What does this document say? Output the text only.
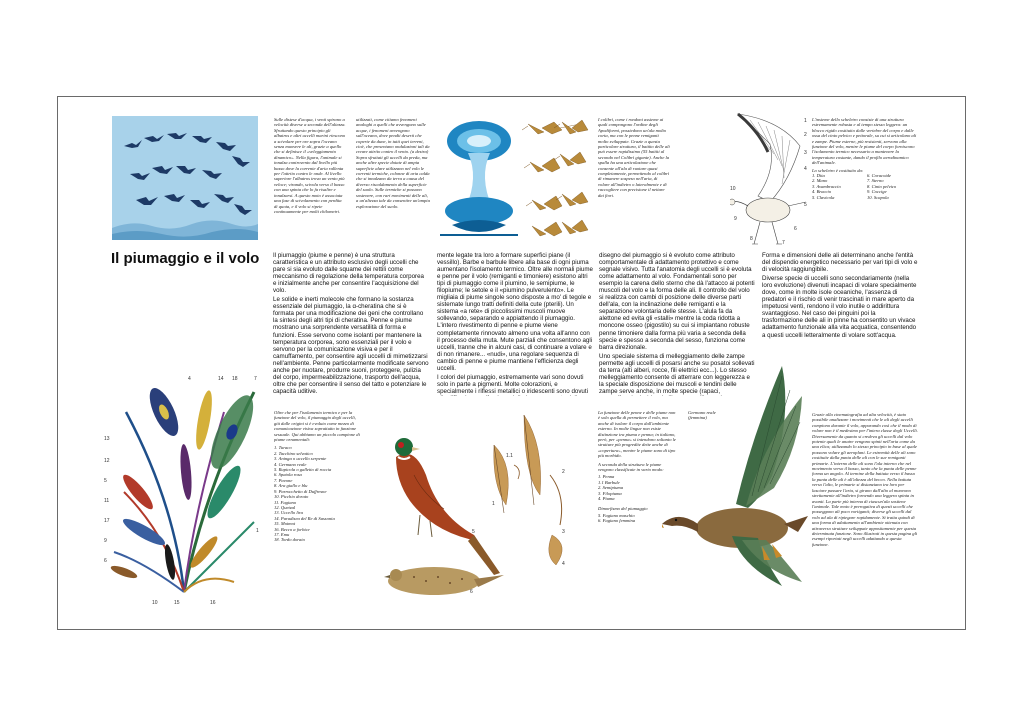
Sulle distese d'acqua, i venti spirano a velocità diverse a seconda dell'altezza. Sfruttando questo principio gli albatros e altri uccelli marini riescono a scivolare per ore sopra l'oceano senza muovere le ali, grazie a quello che si definisce il «veleggiamento dinamico». Nella figura, l'animale si innalza controvento dal livello più basso dove la corrente d'aria rallenta per l'attrito contro le onde. Al livello superiore l'albatros trova un vento più veloce; virando, scivola verso il basso con una spinta che lo fa risalire e innalzarsi. A questo moto è associata una fase di scivolamento con perdita di quota, e il volo si ripete continuamente per molti chilometri.
utilizzati, come citiamo fenomeni analoghi a quelli che avvengono sulle acque, i fenomeni avvengono sull'oceano, dove pendii deserti che coperte da dune, in tutti quei terreni, cioè, che presentano ondulazioni tali da creare attrito contro il vento. (a destra) Sopra sfruttati gli uccelli da preda, ma anche altre specie dotate di ampia superficie alare utilizzano nel volo le correnti termiche, colonne di aria calda che si innalzano da terra a causa del diverso riscaldamento della superficie del suolo. Sulle termiche si possono sostenere, con rari movimenti delle ali, a un'altezza tale da consentire un'ampia esplorazione del suolo.
I colibrì, come i rondoni assieme ai quali compongono l'ordine degli Apodiformi, possiedono un'ala molto corta, ma con le penne remiganti molto sviluppate. Grazie a questa particolare struttura, il battito delle ali può essere rapidissimo (55 battiti al secondo nel Colibrì gigante). Anche la spalla ha una articolazione che consente all'ala di ruotare quasi completamente, permettendo al colibrì di rimanere sospeso nell'aria, di volare all'indietro o lateralmente e di raccogliere con precisione il nettare dai fiori.
1
2
3
4
5
6
7
8
9
10
L'insieme dello scheletro consiste di una struttura estremamente robusta e al tempo stesso leggera: un blocco rigido costituito dalle vertebre del corpo e dalle ossa del cinto pelvico e pettorale, su cui si articolano ali e zampe. Piume esterne, più resistenti, servono alla funzione del volo, mentre le piume del corpo forniscono l'isolamento termico necessario a mantenere la temperatura costante, dando il profilo aerodinamico dell'animale.
Lo scheletro è costituito da:
1. Dita	6. Coracoide
2. Mano	7. Sterno
3. Avambraccio	8. Cinto pelvico
4. Braccio	9. Coccige
5. Clavicola	10. Scapola
Il piumaggio e il volo Il piumaggio (piume e penne) è una struttura caratteristica e un attributo esclusivo degli uccelli che pare si sia evoluto dalle squame dei rettili come meccanismo di regolazione della temperatura corporea e inizialmente anche per consentire l'acquisizione del volo.

Le solide e inerti molecole che formano la sostanza essenziale del piumaggio, la α-cheratina che si è formata per una modificazione dei geni che controllano la sintesi degli altri tipi di cheratina. Penne e piume mostrano una sorprendente versatilità di forma e funzioni. Esse servono come isolanti per mantenere la temperatura corporea, sono essenziali per il volo e servono per la comunicazione visiva e per il camuffamento, per consentire agli uccelli di mimetizzarsi nell'ambiente. Penne particolarmente modificate servono anche per nuotare, produrre suoni, proteggere, pulizia del corpo, impermeabilizzazione, trasporto dell'acqua, oltre che per consentire il senso del tatto e potenziare le capacità uditive.

mente legate tra loro a formare superfici piane (il vessillo). Barbe e barbule libere alla base di ogni piuma aumentano l'isolamento termico. Oltre alle normali piume e penne per il volo (remiganti e timoniere) esistono altri tipi di piumaggio come il piumino, le semipiume, le filopiume; le setole e il «piumino pulverulento». Le migliaia di piume singole sono disposte a mo' di tegole e sistemate lungo tratti definiti della cute (pterili). Un sistema «a rete» di piccolissimi muscoli muove sollevando, separando e appiattendo il piumaggio. L'intero rivestimento di penne e piume viene completamente rinnovato almeno una volta all'anno con il processo della muta. Mute parziali che consentono agli uccelli, tranne che in alcuni casi, di continuare a volare e di non rimanere... «nudi», una regolare sequenza di cambio di penne e piume mantiene l'efficienza degli uccelli.

I colori del piumaggio, estremamente vari sono dovuti solo in parte a pigmenti. Molte colorazioni, e specialmente i riflessi metallici o iridescenti sono dovuti

disegno del piumaggio si è evoluto come attributo comportamentale di adattamento protettivo e come segnale visivo. Tutta l'anatomia degli uccelli si è evoluta come adattamento al volo. Fondamentali sono per esempio la carena dello sterno che dà l'attacco ai potenti muscoli del volo e la forma delle ali. Il controllo del volo si realizza con cambi di posizione delle diverse parti dell'ala, con la inclinazione delle remiganti e la separazione volontaria delle stesse. L'alula fa da alettone ed evita gli «stalli» mentre la coda ridotta a moncone osseo (pigostilo) su cui si impiantano robuste penne timoniere dalla forma più varia a seconda della specie e spesso a seconda del sesso, funziona come barra direzionale.

Uno speciale sistema di melleggiamento delle zampe permette agli uccelli di posarsi anche su posatoi sollevati da terra (alti alberi, rocce, fili elettrici ecc...). Lo stesso melleggiamento consente di atterrare con leggerezza e la speciale disposizione dei muscoli e tendini delle zampe serve anche, in molte specie (rapaci,

Forma e dimensioni delle ali determinano anche l'entità del dispendio energetico necessario per vari tipi di volo e di velocità raggiungibile.

Diverse specie di uccelli sono secondariamente (nella loro evoluzione) divenuti incapaci di volare specialmente dove, come in molte isole oceaniche, l'assenza di predatori e il rischio di venir trascinati in mare aperto da impetuosi venti, rendono il volo inutile o addirittura svantaggioso. Nel caso dei pinguini poi la trasformazione delle ali in pinne ha consentito un vivace adattamento funzionale alla vita acquatica, consentendo a questi uccelli letteralmente di volare sott'acqua.

4	14 18	7
13
12
5
11
17
9
6
10	15	16
1
Oltre che per l'isolamento termico e per la funzione del volo, il piumaggio degli uccelli, già dalle origini si è evoluto come mezzo di comunicazione visiva soprattutto in funzione sessuale. Qui abbiamo un piccolo campione di piume ornamentali:
1. Turaco
2. Tacchino selvatico
3. Aninga o uccello serpente
4. Germano reale
5. Rupicola o galletto di roccia
6. Spatola rosa
7. Pavone
8. Ara giallo e blu
9. Parrocchetto di Duffresne
10. Picchio dorato
11. Fagiano
12. Quetzal
13. Uccello lira
14. Paradisea del Re di Sassonia
15. Motmot
16. Becco a forbice
17. Emu
18. Tordo dorato
1.1
1
2
3
4
5
6
La funzione delle penne e delle piume non è solo quella di permettere il volo, ma anche di isolare il corpo dall'ambiente esterno. In molte lingue non esiste distinzione tra piuma e penna; in italiano, però, per «penna» si intendono soltanto le strutture più progredite dette anche di «copertura», mentre le piume sono di tipo più morbido.
A seconda della struttura le piume vengono classificate in vario modo:
1. Penna
1.1 Barbule
2. Semipiuma
3. Filopiuma
4. Piuma
Dimorfismo del piumaggio
5. Fagiano maschio
6. Fagiano femmina
Germano reale (femmina)
Grazie alla cinematografia ad alta velocità, è stato possibile analizzare i movimenti che le ali degli uccelli compiono durante il volo, appurando così che il modo di volare non è il medesimo per l'intera classe degli Uccelli. Diversamente da quanto si credeva gli uccelli dal volo potente quali le anatre vengono spinti nell'aria come da una elica; utilizzando lo stesso principio in base al quale possono volare gli aeroplani. Le estremità delle ali sono costituite dalla punta delle ali con le sue remiganti primarie. L'interno delle ali sono l'ala interno che nel movimento verso il basso, tanto che la punta delle penne forma un angolo. Al termine della battuta verso il basso la punta delle ali è all'altezza del becco. Nella battuta verso l'alto, le primarie si distanziano tra loro per lasciare passare l'aria, si girano dall'alto al muovono strettamente all'indietro fornendo una leggera spinta in avanti. La parte più interna di ciascun'ala sostiene l'animale. Tale moto è prerogativa di questi uccelli che posseggono ali poco vortiganti; diverse gli uccelli dal volo ad ala di ripiegare rapidamente. Si tratta quindi di una forma di adattamento all'ambiente ottenuta con attraverso strutture sviluppate appositamente per questa determinata funzione. Sono illustrati in questa pagina gli esempi riportati negli uccelli adattando a questa funzione.
